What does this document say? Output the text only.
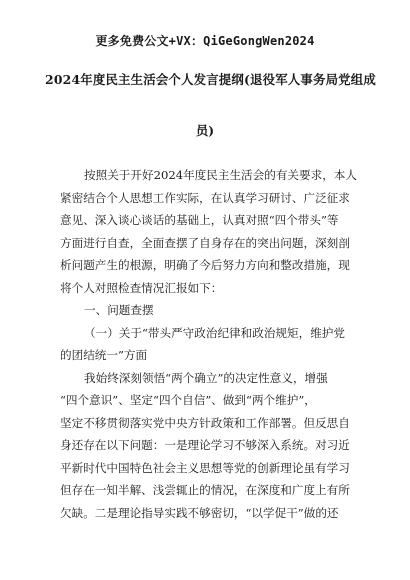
更多免费公文+VX：QiGeGongWen2024
2024年度民主生活会个人发言提纲(退役军人事务局党组成
员)
按照关于开好2024年度民主生活会的有关要求，本人
紧密结合个人思想工作实际，在认真学习研讨、广泛征求
意见、深入谈心谈话的基础上，认真对照“四个带头”等
方面进行自查，全面查摆了自身存在的突出问题，深刻剖
析问题产生的根源，明确了今后努力方向和整改措施，现
将个人对照检查情况汇报如下：
一、问题查摆
（一）关于“带头严守政治纪律和政治规矩，维护党
的团结统一”方面
我始终深刻领悟“两个确立”的决定性意义，增强
“四个意识”、坚定“四个自信”、做到“两个维护”，
坚定不移贯彻落实党中央方针政策和工作部署。但反思自
身还存在以下问题：一是理论学习不够深入系统。对习近
平新时代中国特色社会主义思想等党的创新理论虽有学习
但存在一知半解、浅尝辄止的情况，在深度和广度上有所
欠缺。二是理论指导实践不够密切，“以学促干”做的还
